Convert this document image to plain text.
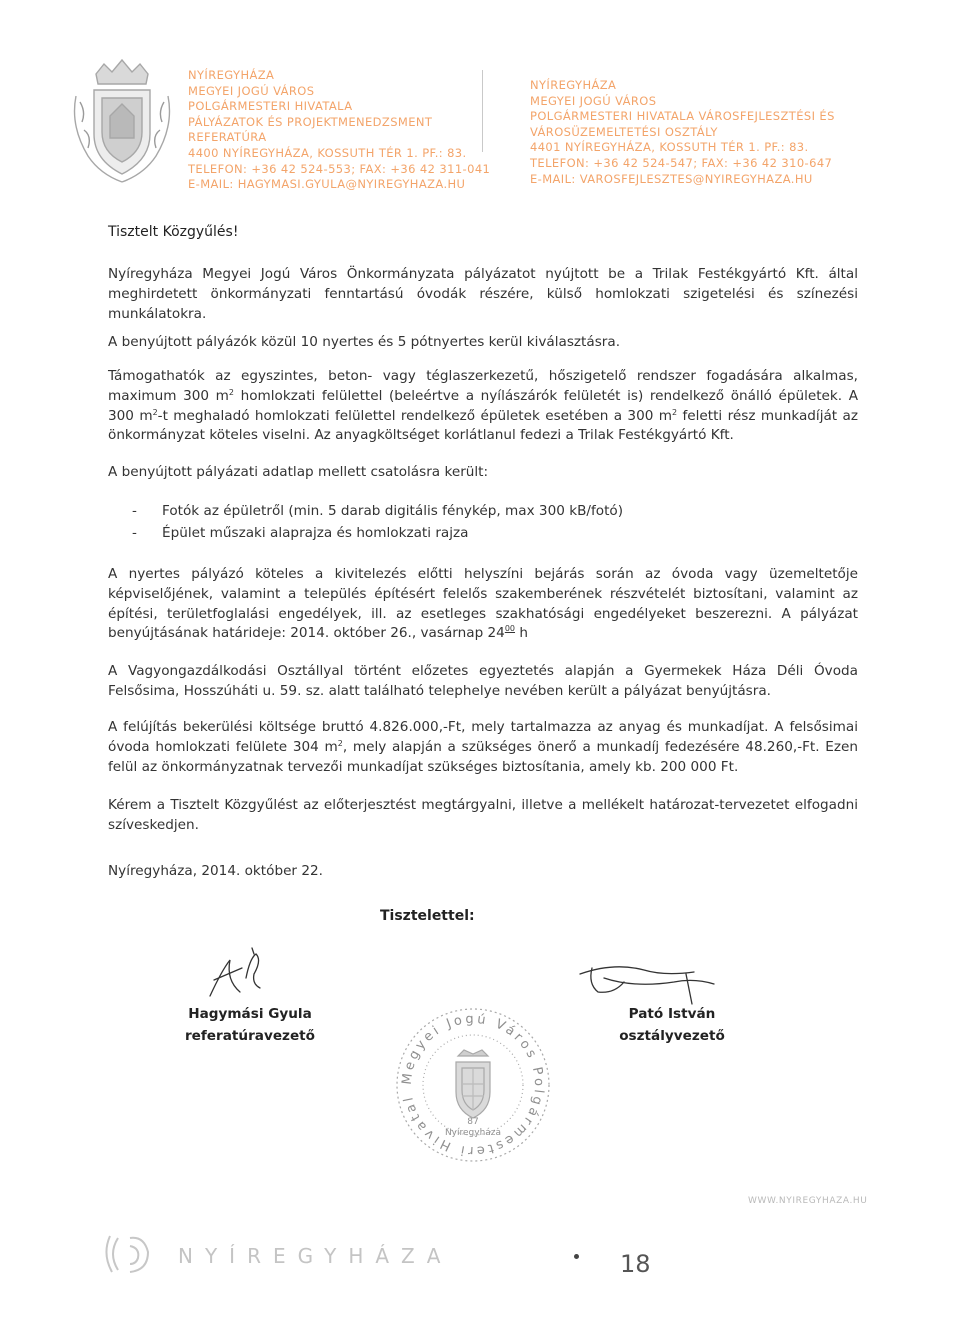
NYÍREGYHÁZA
MEGYEI JOGÚ VÁROS
POLGÁRMESTERI HIVATALA
PÁLYÁZATOK ÉS PROJEKTMENEDZSMENT
REFERATÚRA
4400 NYÍREGYHÁZA, KOSSUTH TÉR 1. PF.: 83.
TELEFON: +36 42 524-553; FAX: +36 42 311-041
E-MAIL: HAGYMASI.GYULA@NYIREGYHAZA.HU
NYÍREGYHÁZA
MEGYEI JOGÚ VÁROS
POLGÁRMESTERI HIVATALA VÁROSFEJLESZTÉSI ÉS
VÁROSÜZEMELTETÉSI OSZTÁLY
4401 NYÍREGYHÁZA, KOSSUTH TÉR 1. PF.: 83.
TELEFON: +36 42 524-547; FAX: +36 42 310-647
E-MAIL: VAROSFEJLESZTES@NYIREGYHAZA.HU
Tisztelt Közgyűlés!
Nyíregyháza Megyei Jogú Város Önkormányzata pályázatot nyújtott be a Trilak Festékgyártó Kft. által meghirdetett önkormányzati fenntartású óvodák részére, külső homlokzati szigetelési és színezési munkálatokra.
A benyújtott pályázók közül 10 nyertes és 5 pótnyertes kerül kiválasztásra.
Támogathatók az egyszintes, beton- vagy téglaszerkezetű, hőszigetelő rendszer fogadására alkalmas, maximum 300 $m^2$ homlokzati felülettel (beleértve a nyílászárók felületét is) rendelkező önálló épületek. A 300 $m^2-t$ meghaladó homlokzati felülettel rendelkező épületek esetében a 300 $m^2$ feletti rész munkadíját az önkormányzat köteles viselni. Az anyagköltséget korlátlanul fedezi a Trilak Festékgyártó Kft.
A benyújtott pályázati adatlap mellett csatolásra került:
- Fotók az épületről (min. 5 darab digitális fénykép, max 300 kB/fotó)
- Épület műszaki alaprajza és homlokzati rajza
A nyertes pályázó köteles a kivitelezés előtti helyszíni bejárás során az óvoda vagy üzemeltetője képviselőjének, valamint a település építésért felelős szakemberének részvételét biztosítani, valamint az építési, területfoglalási engedélyek, ill. az esetleges szakhatósági engedélyeket beszerezni. A pályázat benyújtásának határideje: 2014. október 26., vasárnap $24^{00}$ h
A Vagyongazdálkodási Osztállyal történt előzetes egyeztetés alapján a Gyermekek Háza Déli Óvoda Felsősima, Hosszúháti u. 59. sz. alatt található telephelye nevében került a pályázat benyújtásra.
A felújítás bekerülési költsége bruttó 4.826.000,-Ft, mely tartalmazza az anyag és munkadíjat. A felsősimai óvoda homlokzati felülete 304 $m^2$, mely alapján a szükséges önerő a munkadíj fedezésére 48.260,-Ft. Ezen felül az önkormányzatnak tervezői munkadíjat szükséges biztosítania, amely kb. 200 000 Ft.
Kérem a Tisztelt Közgyűlést az előterjesztést megtárgyalni, illetve a mellékelt határozat-tervezetet elfogadni szíveskedjen.
Nyíregyháza, 2014. október 22.
Tisztelettel:
Hagymási Gyula
referatúravezető
Pató István
osztályvezető
Megyei Jogú Város Polgármesteri Hivatal
Nyíregyháza
87
WWW.NYIREGYHAZA.HU
NYÍREGYHÁZA	18
